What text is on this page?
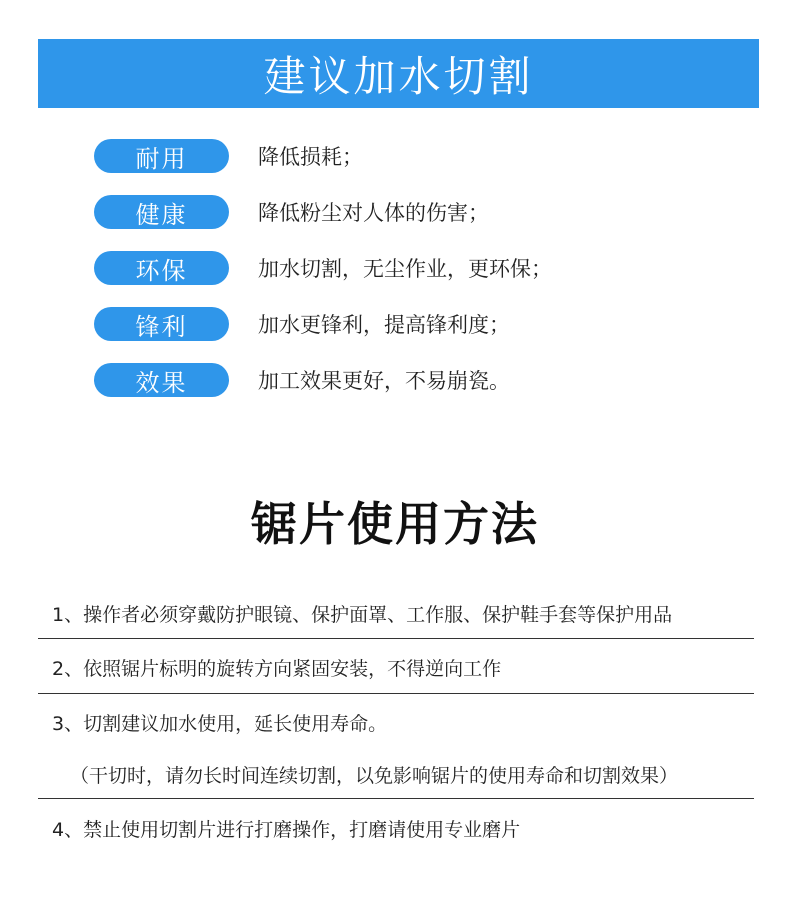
建议加水切割
耐用	降低损耗；
健康	降低粉尘对人体的伤害；
环保	加水切割，无尘作业，更环保；
锋利	加水更锋利，提高锋利度；
效果	加工效果更好，不易崩瓷。
锯片使用方法
1、操作者必须穿戴防护眼镜、保护面罩、工作服、保护鞋手套等保护用品
2、依照锯片标明的旋转方向紧固安装，不得逆向工作
3、切割建议加水使用，延长使用寿命。
（干切时，请勿长时间连续切割，以免影响锯片的使用寿命和切割效果）
4、禁止使用切割片进行打磨操作，打磨请使用专业磨片
